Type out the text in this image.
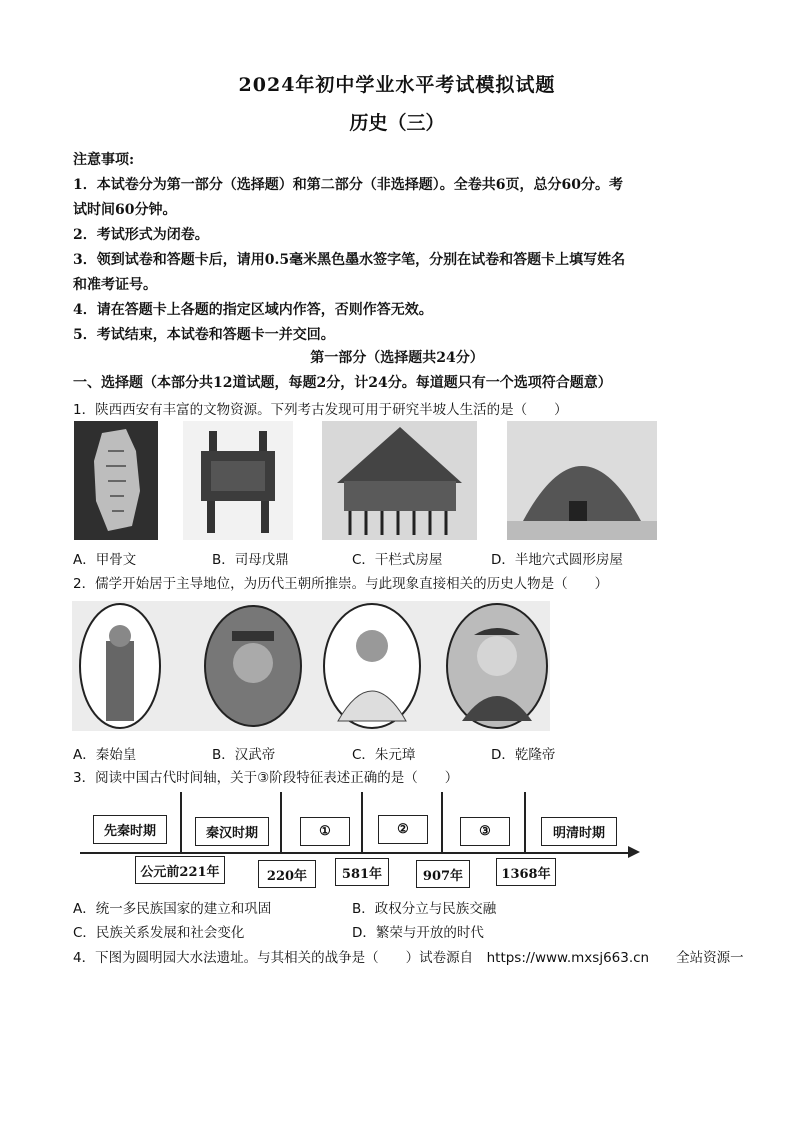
2024年初中学业水平考试模拟试题
历史（三）

注意事项:

1．本试卷分为第一部分（选择题）和第二部分（非选择题）。全卷共6页，总分60分。考

试时间60分钟。

2．考试形式为闭卷。

3．领到试卷和答题卡后，请用0.5毫米黑色墨水签字笔，分别在试卷和答题卡上填写姓名

和准考证号。

4．请在答题卡上各题的指定区域内作答，否则作答无效。

5．考试结束，本试卷和答题卡一并交回。

第一部分（选择题共24分）
一、选择题（本部分共12道试题，每题2分，计24分。每道题只有一个选项符合题意）
1．陕西西安有丰富的文物资源。下列考古发现可用于研究半坡人生活的是（　　）
A．甲骨文	B．司母戊鼎	C．干栏式房屋	D．半地穴式圆形房屋
2．儒学开始居于主导地位，为历代王朝所推崇。与此现象直接相关的历史人物是（　　）
A．秦始皇	B．汉武帝	C．朱元璋	D．乾隆帝
3．阅读中国古代时间轴，关于③阶段特征表述正确的是（　　）
先秦时期	秦汉时期	①	②	③	明清时期
公元前221年	220年	581年	907年	1368年
A．统一多民族国家的建立和巩固	B．政权分立与民族交融
C．民族关系发展和社会变化	D．繁荣与开放的时代
4．下图为圆明园大水法遗址。与其相关的战争是（　　）试卷源自　https://www.mxsj663.cn　　全站资源一
